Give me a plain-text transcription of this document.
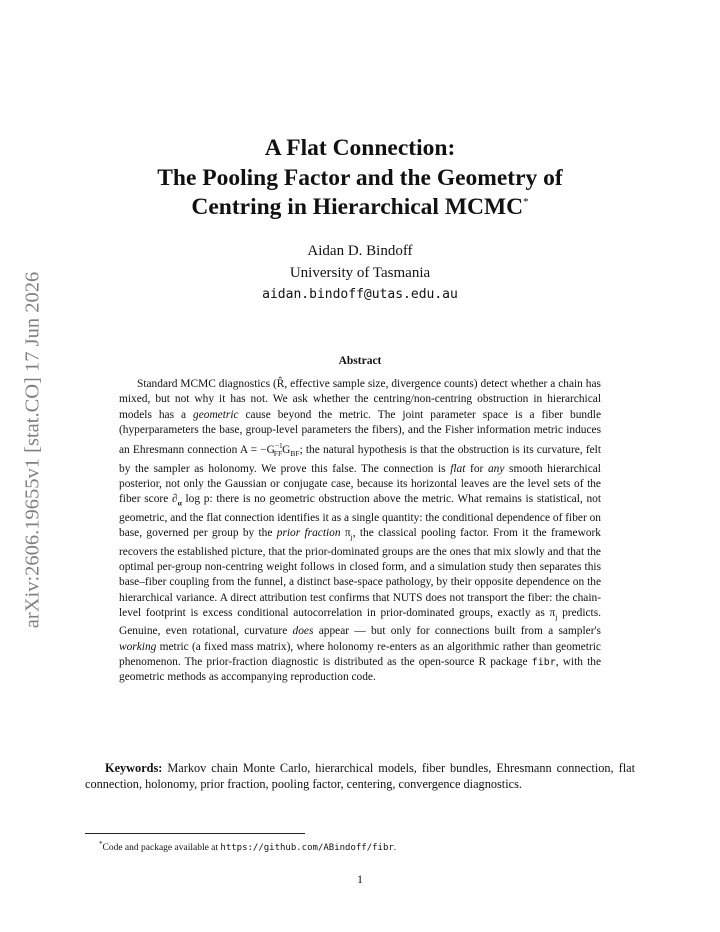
arXiv:2606.19655v1 [stat.CO] 17 Jun 2026
A Flat Connection:
The Pooling Factor and the Geometry of
Centring in Hierarchical MCMC*
Aidan D. Bindoff
University of Tasmania
aidan.bindoff@utas.edu.au
Abstract
Standard MCMC diagnostics (R̂, effective sample size, divergence counts) detect whether a chain has mixed, but not why it has not. We ask whether the centring/non-centring obstruction in hierarchical models has a geometric cause beyond the metric. The joint parameter space is a fiber bundle (hyperparameters the base, group-level parameters the fibers), and the Fisher information metric induces an Ehresmann connection $A = -G^{-1}_{FF}G_{BF}$; the natural hypothesis is that the obstruction is its curvature, felt by the sampler as holonomy. We prove this false. The connection is flat for any smooth hierarchical posterior, not only the Gaussian or conjugate case, because its horizontal leaves are the level sets of the fiber score $\partial_\alpha$ log p: there is no geometric obstruction above the metric. What remains is statistical, not geometric, and the flat connection identifies it as a single quantity: the conditional dependence of fiber on base, governed per group by the prior fraction $\pi_j$, the classical pooling factor. From it the framework recovers the established picture, that the prior-dominated groups are the ones that mix slowly and that the optimal per-group non-centring weight follows in closed form, and a simulation study then separates this base–fiber coupling from the funnel, a distinct base-space pathology, by their opposite dependence on the hierarchical variance. A direct attribution test confirms that NUTS does not transport the fiber: the chain-level footprint is excess conditional autocorrelation in prior-dominated groups, exactly as $\pi_j$ predicts. Genuine, even rotational, curvature does appear — but only for connections built from a sampler's working metric (a fixed mass matrix), where holonomy re-enters as an algorithmic rather than geometric phenomenon. The prior-fraction diagnostic is distributed as the open-source R package fibr, with the geometric methods as accompanying reproduction code.
Keywords: Markov chain Monte Carlo, hierarchical models, fiber bundles, Ehresmann connection, flat connection, holonomy, prior fraction, pooling factor, centering, convergence diagnostics.
*Code and package available at https://github.com/ABindoff/fibr.
1
